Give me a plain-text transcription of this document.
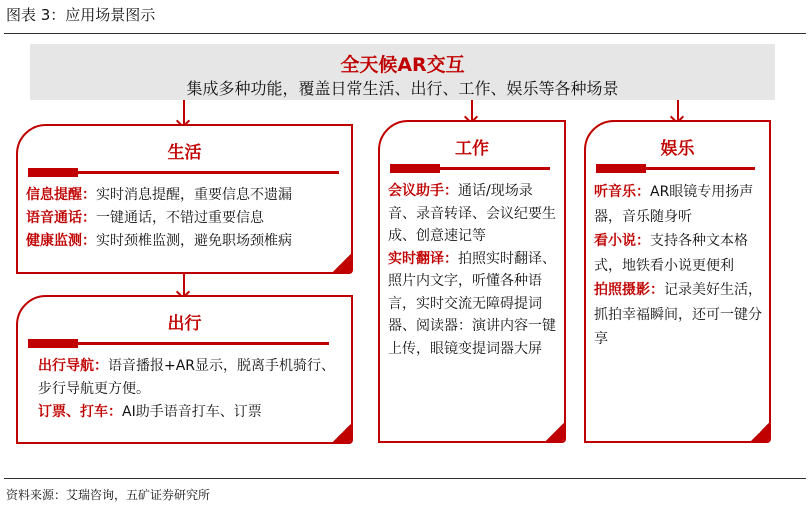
图表 3：应用场景图示
全天候AR交互
集成多种功能，覆盖日常生活、出行、工作、娱乐等各种场景
生活
信息提醒：实时消息提醒，重要信息不遗漏
语音通话：一键通话，不错过重要信息
健康监测：实时颈椎监测，避免职场颈椎病
出行
出行导航：语音播报+AR显示，脱离手机骑行、步行导航更方便。
订票、打车：AI助手语音打车、订票
工作
会议助手：通话/现场录音、录音转译、会议纪要生成、创意速记等
实时翻译：拍照实时翻译、照片内文字，听懂各种语言，实时交流无障碍提词器、阅读器：演讲内容一键上传，眼镜变提词器大屏
娱乐
听音乐：AR眼镜专用扬声器，音乐随身听
看小说：支持各种文本格式，地铁看小说更便利
拍照摄影：记录美好生活，抓拍幸福瞬间，还可一键分享
资料来源：艾瑞咨询，五矿证券研究所
